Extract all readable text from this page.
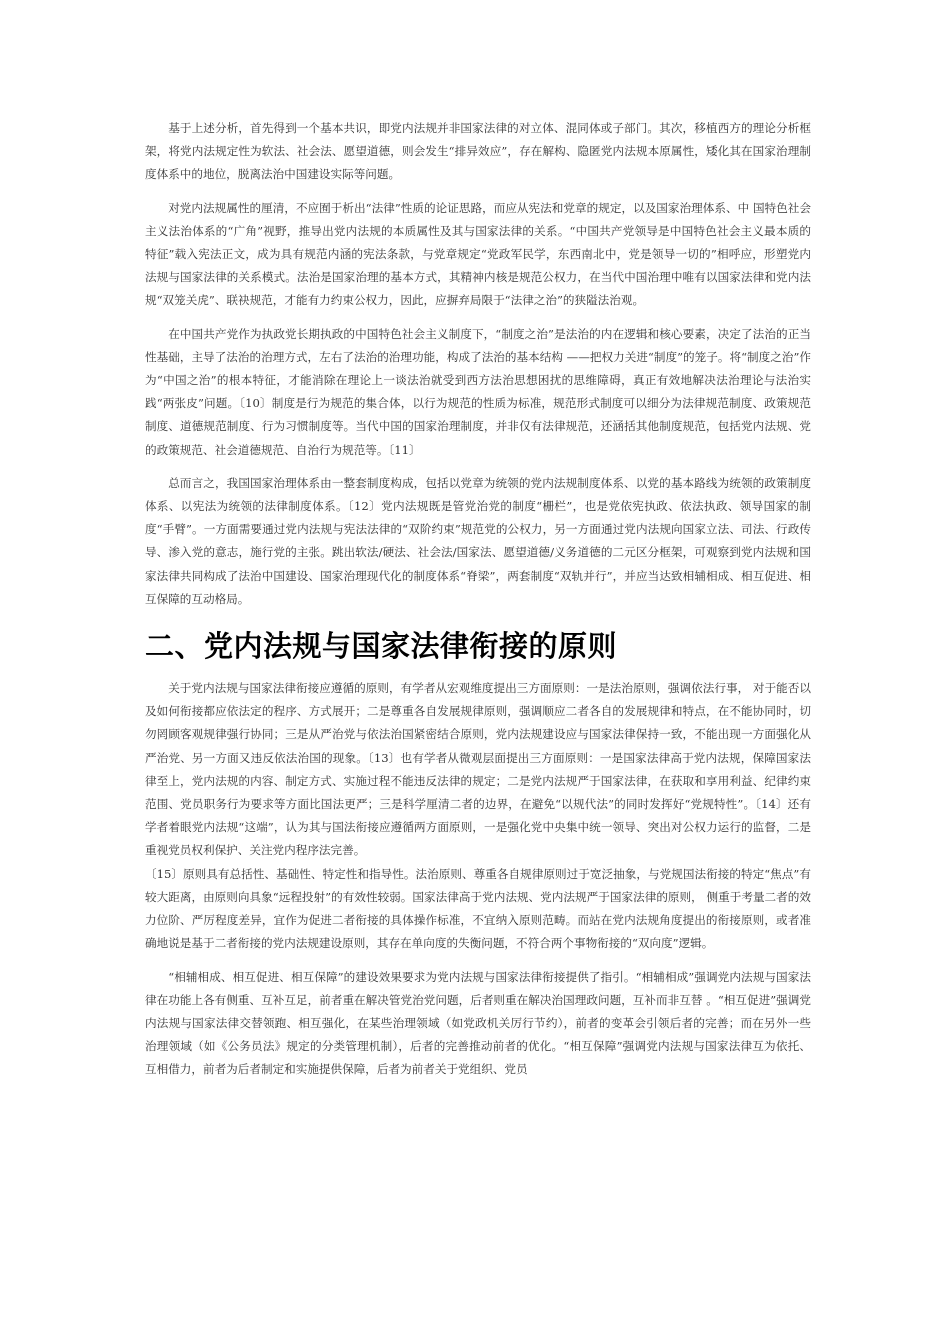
基于上述分析，首先得到一个基本共识，即党内法规并非国家法律的对立体、混同体或子部门。其次，移植西方的理论分析框架，将党内法规定性为软法、社会法、愿望道德，则会发生“排异效应”，存在解构、隐匿党内法规本原属性，矮化其在国家治理制度体系中的地位，脱离法治中国建设实际等问题。

对党内法规属性的厘清，不应囿于析出“法律”性质的论证思路，而应从宪法和党章的规定，以及国家治理体系、中 国特色社会主义法治体系的“广角”视野，推导出党内法规的本质属性及其与国家法律的关系。“中国共产党领导是中国特色社会主义最本质的特征”载入宪法正文，成为具有规范内涵的宪法条款，与党章规定“党政军民学，东西南北中，党是领导一切的”相呼应，形塑党内法规与国家法律的关系模式。法治是国家治理的基本方式，其精神内核是规范公权力，在当代中国治理中唯有以国家法律和党内法规“双笼关虎”、联袂规范，才能有力约束公权力，因此，应摒弃局限于“法律之治”的狭隘法治观。

在中国共产党作为执政党长期执政的中国特色社会主义制度下，“制度之治”是法治的内在逻辑和核心要素，决定了法治的正当性基础，主导了法治的治理方式，左右了法治的治理功能，构成了法治的基本结构 ——把权力关进“制度”的笼子。将“制度之治”作为“中国之治”的根本特征，才能消除在理论上一谈法治就受到西方法治思想困扰的思维障碍，真正有效地解决法治理论与法治实践“两张皮”问题。〔10〕制度是行为规范的集合体，以行为规范的性质为标准，规范形式制度可以细分为法律规范制度、政策规范制度、道德规范制度、行为习惯制度等。当代中国的国家治理制度，并非仅有法律规范，还涵括其他制度规范，包括党内法规、党的政策规范、社会道德规范、自治行为规范等。〔11〕

总而言之，我国国家治理体系由一整套制度构成，包括以党章为统领的党内法规制度体系、以党的基本路线为统领的政策制度体系、以宪法为统领的法律制度体系。〔12〕党内法规既是管党治党的制度“栅栏”，也是党依宪执政、依法执政、领导国家的制度“手臂”。一方面需要通过党内法规与宪法法律的“双阶约束”规范党的公权力，另一方面通过党内法规向国家立法、司法、行政传导、渗入党的意志，施行党的主张。跳出软法/硬法、社会法/国家法、愿望道德/义务道德的二元区分框架，可观察到党内法规和国家法律共同构成了法治中国建设、国家治理现代化的制度体系“脊梁”，两套制度“双轨并行”，并应当达致相辅相成、相互促进、相互保障的互动格局。

二、党内法规与国家法律衔接的原则

关于党内法规与国家法律衔接应遵循的原则，有学者从宏观维度提出三方面原则：一是法治原则，强调依法行事， 对于能否以及如何衔接都应依法定的程序、方式展开；二是尊重各自发展规律原则，强调顺应二者各自的发展规律和特点，在不能协同时，切勿罔顾客观规律强行协同；三是从严治党与依法治国紧密结合原则，党内法规建设应与国家法律保持一致，不能出现一方面强化从严治党、另一方面又违反依法治国的现象。〔13〕也有学者从微观层面提出三方面原则：一是国家法律高于党内法规，保障国家法律至上，党内法规的内容、制定方式、实施过程不能违反法律的规定；二是党内法规严于国家法律，在获取和享用利益、纪律约束范围、党员职务行为要求等方面比国法更严；三是科学厘清二者的边界，在避免“以规代法”的同时发挥好“党规特性”。〔14〕还有学者着眼党内法规“这端”，认为其与国法衔接应遵循两方面原则，一是强化党中央集中统一领导、突出对公权力运行的监督，二是重视党员权利保护、关注党内程序法完善。

〔15〕原则具有总括性、基础性、特定性和指导性。法治原则、尊重各自规律原则过于宽泛抽象，与党规国法衔接的特定“焦点”有较大距离，由原则向具象“远程投射”的有效性较弱。国家法律高于党内法规、党内法规严于国家法律的原则， 侧重于考量二者的效力位阶、严厉程度差异，宜作为促进二者衔接的具体操作标准，不宜纳入原则范畴。而站在党内法规角度提出的衔接原则，或者准确地说是基于二者衔接的党内法规建设原则，其存在单向度的失衡问题，不符合两个事物衔接的“双向度”逻辑。

“相辅相成、相互促进、相互保障”的建设效果要求为党内法规与国家法律衔接提供了指引。“相辅相成”强调党内法规与国家法律在功能上各有侧重、互补互足，前者重在解决管党治党问题，后者则重在解决治国理政问题，互补而非互替 。“相互促进”强调党内法规与国家法律交替领跑、相互强化，在某些治理领域（如党政机关厉行节约），前者的变革会引领后者的完善；而在另外一些治理领域（如《公务员法》规定的分类管理机制），后者的完善推动前者的优化。“相互保障”强调党内法规与国家法律互为依托、互相借力，前者为后者制定和实施提供保障，后者为前者关于党组织、党员
